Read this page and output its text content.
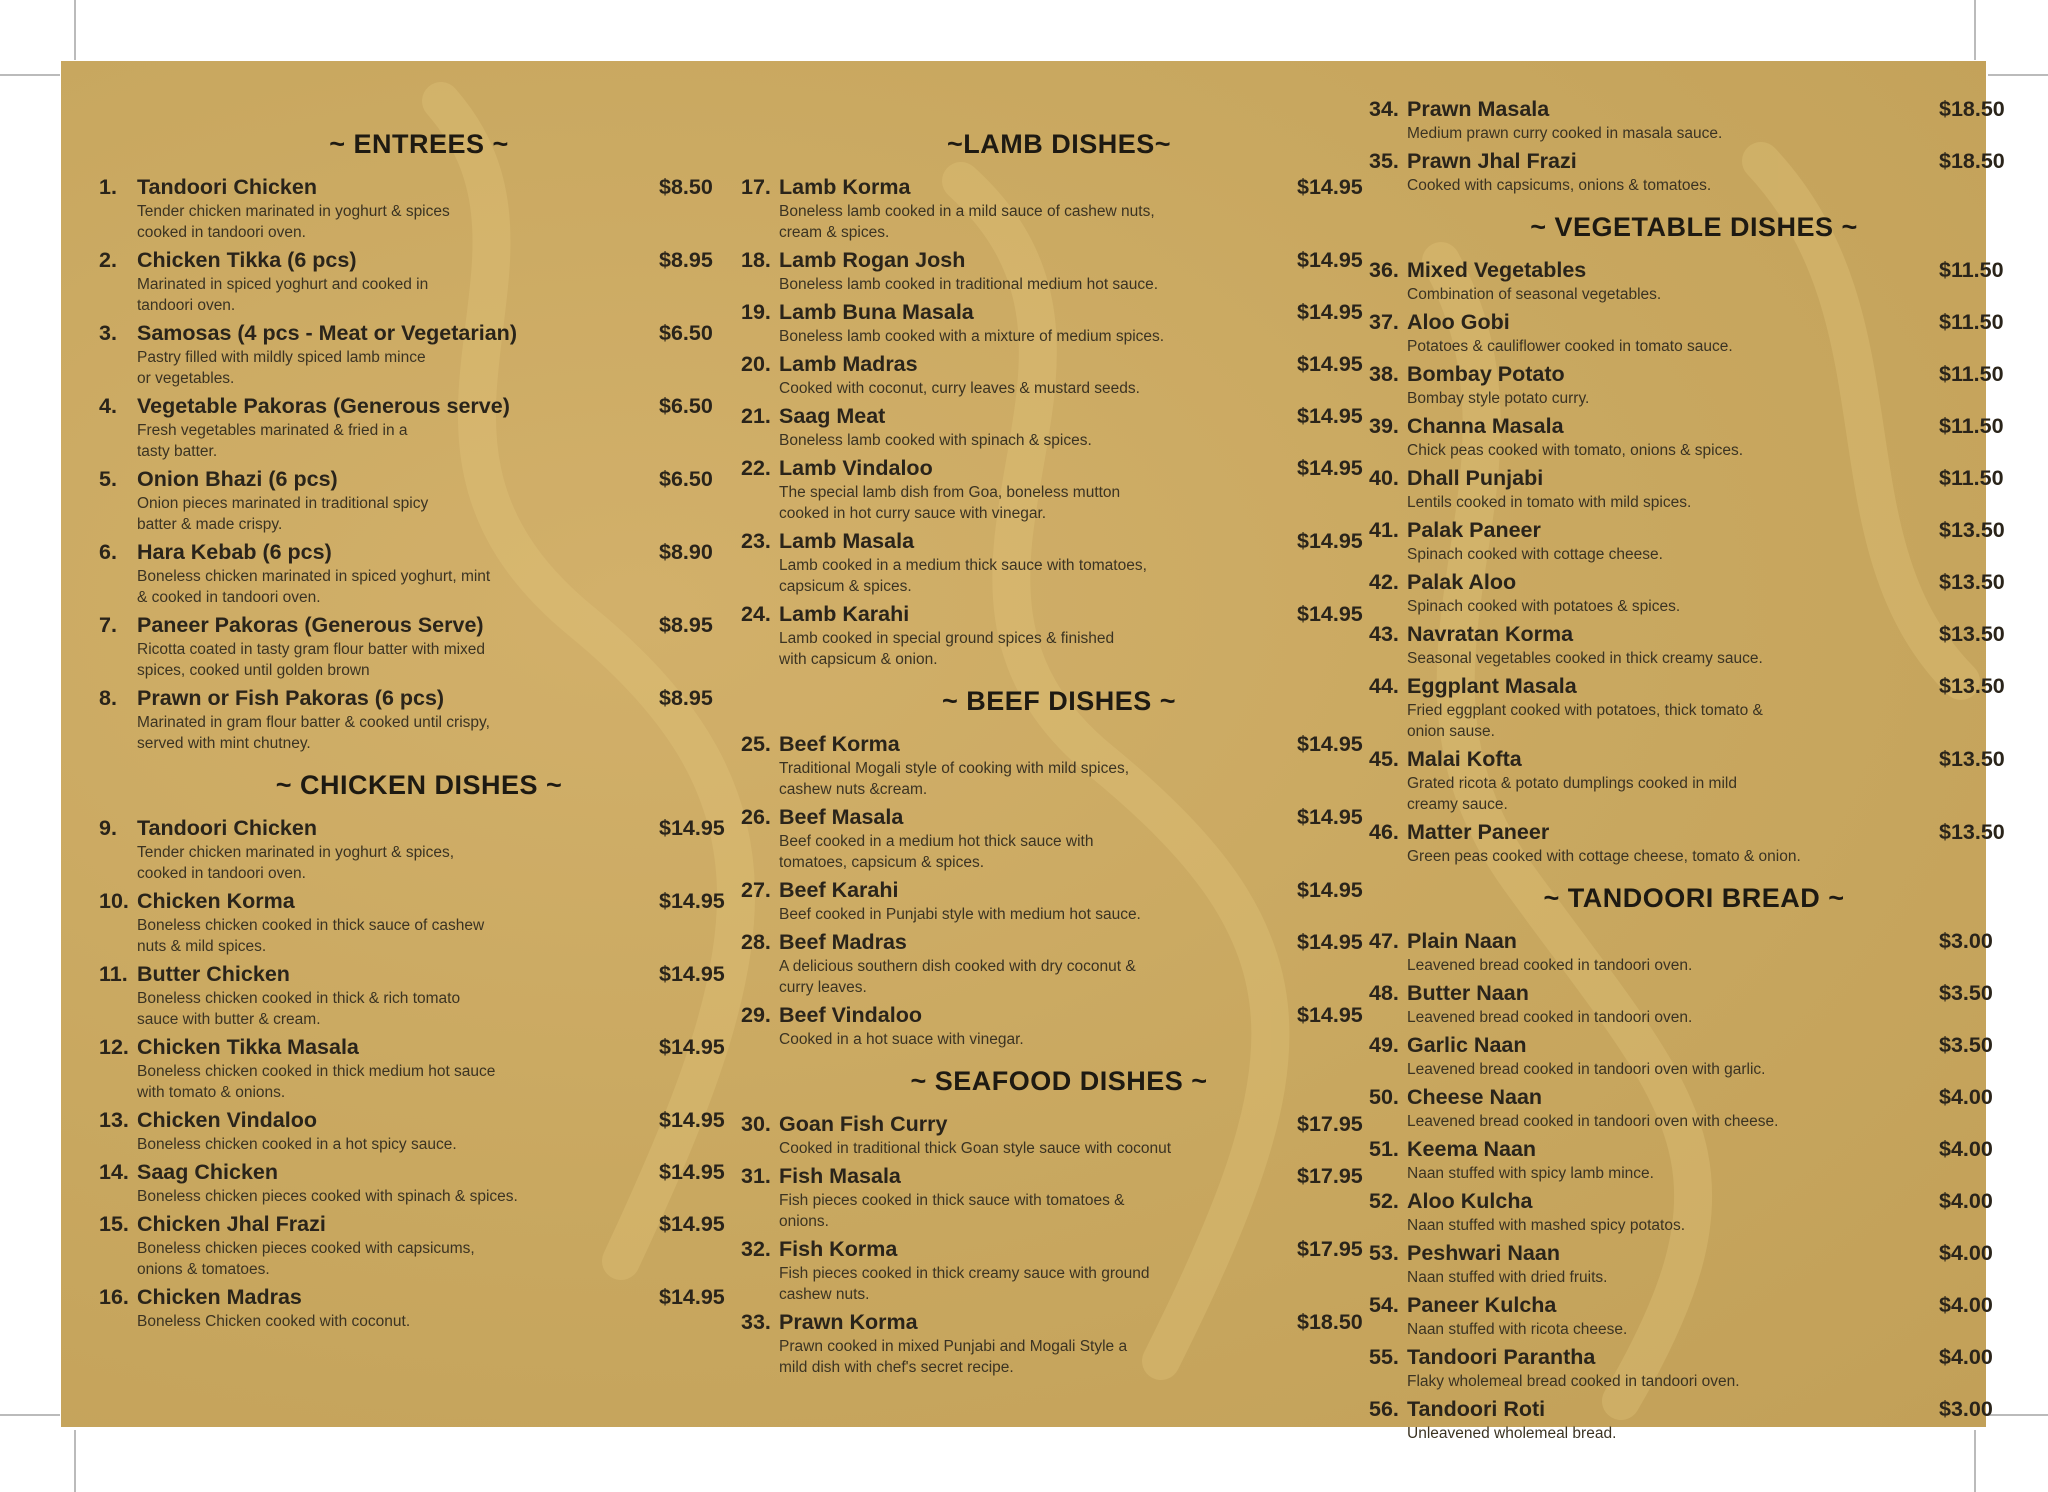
~ ENTREES ~
1. Tandoori Chicken	$8.50
Tender chicken marinated in yoghurt & spices
cooked in tandoori oven.
2. Chicken Tikka (6 pcs)	$8.95
Marinated in spiced yoghurt and cooked in
tandoori oven.
3. Samosas (4 pcs - Meat or Vegetarian)	$6.50
Pastry filled with mildly spiced lamb mince
or vegetables.
4. Vegetable Pakoras (Generous serve)	$6.50
Fresh vegetables marinated & fried in a
tasty batter.
5. Onion Bhazi (6 pcs)	$6.50
Onion pieces marinated in traditional spicy
batter & made crispy.
6. Hara Kebab (6 pcs)	$8.90
Boneless chicken marinated in spiced yoghurt, mint
& cooked in tandoori oven.
7. Paneer Pakoras (Generous Serve)	$8.95
Ricotta coated in tasty gram flour batter with mixed
spices, cooked until golden brown
8. Prawn or Fish Pakoras (6 pcs)	$8.95
Marinated in gram flour batter & cooked until crispy,
served with mint chutney.
~ CHICKEN DISHES ~
9. Tandoori Chicken	$14.95
Tender chicken marinated in yoghurt & spices,
cooked in tandoori oven.
10. Chicken Korma	$14.95
Boneless chicken cooked in thick sauce of cashew
nuts & mild spices.
11. Butter Chicken	$14.95
Boneless chicken cooked in thick & rich tomato
sauce with butter & cream.
12. Chicken Tikka Masala	$14.95
Boneless chicken cooked in thick medium hot sauce
with tomato & onions.
13. Chicken Vindaloo	$14.95
Boneless chicken cooked in a hot spicy sauce.
14. Saag Chicken	$14.95
Boneless chicken pieces cooked with spinach & spices.
15. Chicken Jhal Frazi	$14.95
Boneless chicken pieces cooked with capsicums,
onions & tomatoes.
16. Chicken Madras	$14.95
Boneless Chicken cooked with coconut.
~LAMB DISHES~
17. Lamb Korma	$14.95
Boneless lamb cooked in a mild sauce of cashew nuts,
cream & spices.
18. Lamb Rogan Josh	$14.95
Boneless lamb cooked in traditional medium hot sauce.
19. Lamb Buna Masala	$14.95
Boneless lamb cooked with a mixture of medium spices.
20. Lamb Madras	$14.95
Cooked with coconut, curry leaves & mustard seeds.
21. Saag Meat	$14.95
Boneless lamb cooked with spinach & spices.
22. Lamb Vindaloo	$14.95
The special lamb dish from Goa, boneless mutton
cooked in hot curry sauce with vinegar.
23. Lamb Masala	$14.95
Lamb cooked in a medium thick sauce with tomatoes,
capsicum & spices.
24. Lamb Karahi	$14.95
Lamb cooked in special ground spices & finished
with capsicum & onion.
~ BEEF DISHES ~
25. Beef Korma	$14.95
Traditional Mogali style of cooking with mild spices,
cashew nuts &cream.
26. Beef Masala	$14.95
Beef cooked in a medium hot thick sauce with
tomatoes, capsicum & spices.
27. Beef Karahi	$14.95
Beef cooked in Punjabi style with medium hot sauce.
28. Beef Madras	$14.95
A delicious southern dish cooked with dry coconut &
curry leaves.
29. Beef Vindaloo	$14.95
Cooked in a hot suace with vinegar.
~ SEAFOOD DISHES ~
30. Goan Fish Curry	$17.95
Cooked in traditional thick Goan style sauce with coconut
31. Fish Masala	$17.95
Fish pieces cooked in thick sauce with tomatoes &
onions.
32. Fish Korma	$17.95
Fish pieces cooked in thick creamy sauce with ground
cashew nuts.
33. Prawn Korma	$18.50
Prawn cooked in mixed Punjabi and Mogali Style a
mild dish with chef's secret recipe.
34. Prawn Masala	$18.50
Medium prawn curry cooked in masala sauce.
35. Prawn Jhal Frazi	$18.50
Cooked with capsicums, onions & tomatoes.
~ VEGETABLE DISHES ~
36. Mixed Vegetables	$11.50
Combination of seasonal vegetables.
37. Aloo Gobi	$11.50
Potatoes & cauliflower cooked in tomato sauce.
38. Bombay Potato	$11.50
Bombay style potato curry.
39. Channa Masala	$11.50
Chick peas cooked with tomato, onions & spices.
40. Dhall Punjabi	$11.50
Lentils cooked in tomato with mild spices.
41. Palak Paneer	$13.50
Spinach cooked with cottage cheese.
42. Palak Aloo	$13.50
Spinach cooked with potatoes & spices.
43. Navratan Korma	$13.50
Seasonal vegetables cooked in thick creamy sauce.
44. Eggplant Masala	$13.50
Fried eggplant cooked with potatoes, thick tomato &
onion sause.
45. Malai Kofta	$13.50
Grated ricota & potato dumplings cooked in mild
creamy sauce.
46. Matter Paneer	$13.50
Green peas cooked with cottage cheese, tomato & onion.
~ TANDOORI BREAD ~
47. Plain Naan	$3.00
Leavened bread cooked in tandoori oven.
48. Butter Naan	$3.50
Leavened bread cooked in tandoori oven.
49. Garlic Naan	$3.50
Leavened bread cooked in tandoori oven with garlic.
50. Cheese Naan	$4.00
Leavened bread cooked in tandoori oven with cheese.
51. Keema Naan	$4.00
Naan stuffed with spicy lamb mince.
52. Aloo Kulcha	$4.00
Naan stuffed with mashed spicy potatos.
53. Peshwari Naan	$4.00
Naan stuffed with dried fruits.
54. Paneer Kulcha	$4.00
Naan stuffed with ricota cheese.
55. Tandoori Parantha	$4.00
Flaky wholemeal bread cooked in tandoori oven.
56. Tandoori Roti	$3.00
Unleavened wholemeal bread.
